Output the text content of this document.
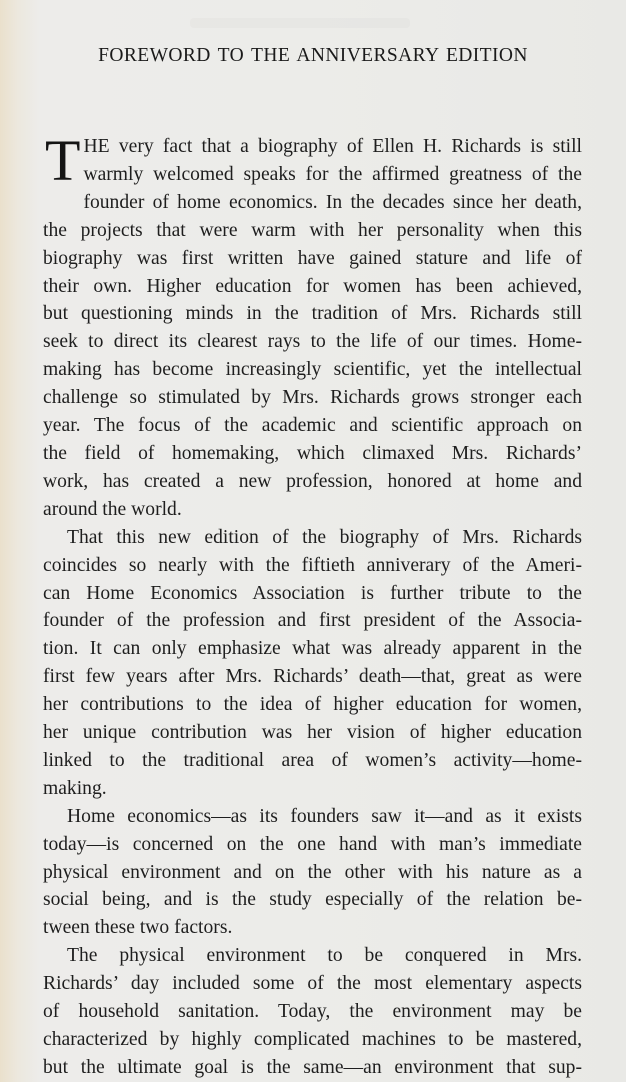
FOREWORD TO THE ANNIVERSARY EDITION
T HE very fact that a biography of Ellen H. Richards is still
warmly welcomed speaks for the affirmed greatness of the
founder of home economics. In the decades since her death,
the projects that were warm with her personality when this
biography was first written have gained stature and life of
their own. Higher education for women has been achieved,
but questioning minds in the tradition of Mrs. Richards still
seek to direct its clearest rays to the life of our times. Home-
making has become increasingly scientific, yet the intellectual
challenge so stimulated by Mrs. Richards grows stronger each
year. The focus of the academic and scientific approach on
the field of homemaking, which climaxed Mrs. Richards’
work, has created a new profession, honored at home and
around the world.
That this new edition of the biography of Mrs. Richards
coincides so nearly with the fiftieth anniverary of the Ameri-
can Home Economics Association is further tribute to the
founder of the profession and first president of the Associa-
tion. It can only emphasize what was already apparent in the
first few years after Mrs. Richards’ death—that, great as were
her contributions to the idea of higher education for women,
her unique contribution was her vision of higher education
linked to the traditional area of women’s activity—home-
making.
Home economics—as its founders saw it—and as it exists
today—is concerned on the one hand with man’s immediate
physical environment and on the other with his nature as a
social being, and is the study especially of the relation be-
tween these two factors.
The physical environment to be conquered in Mrs.
Richards’ day included some of the most elementary aspects
of household sanitation. Today, the environment may be
characterized by highly complicated machines to be mastered,
but the ultimate goal is the same—an environment that sup-
